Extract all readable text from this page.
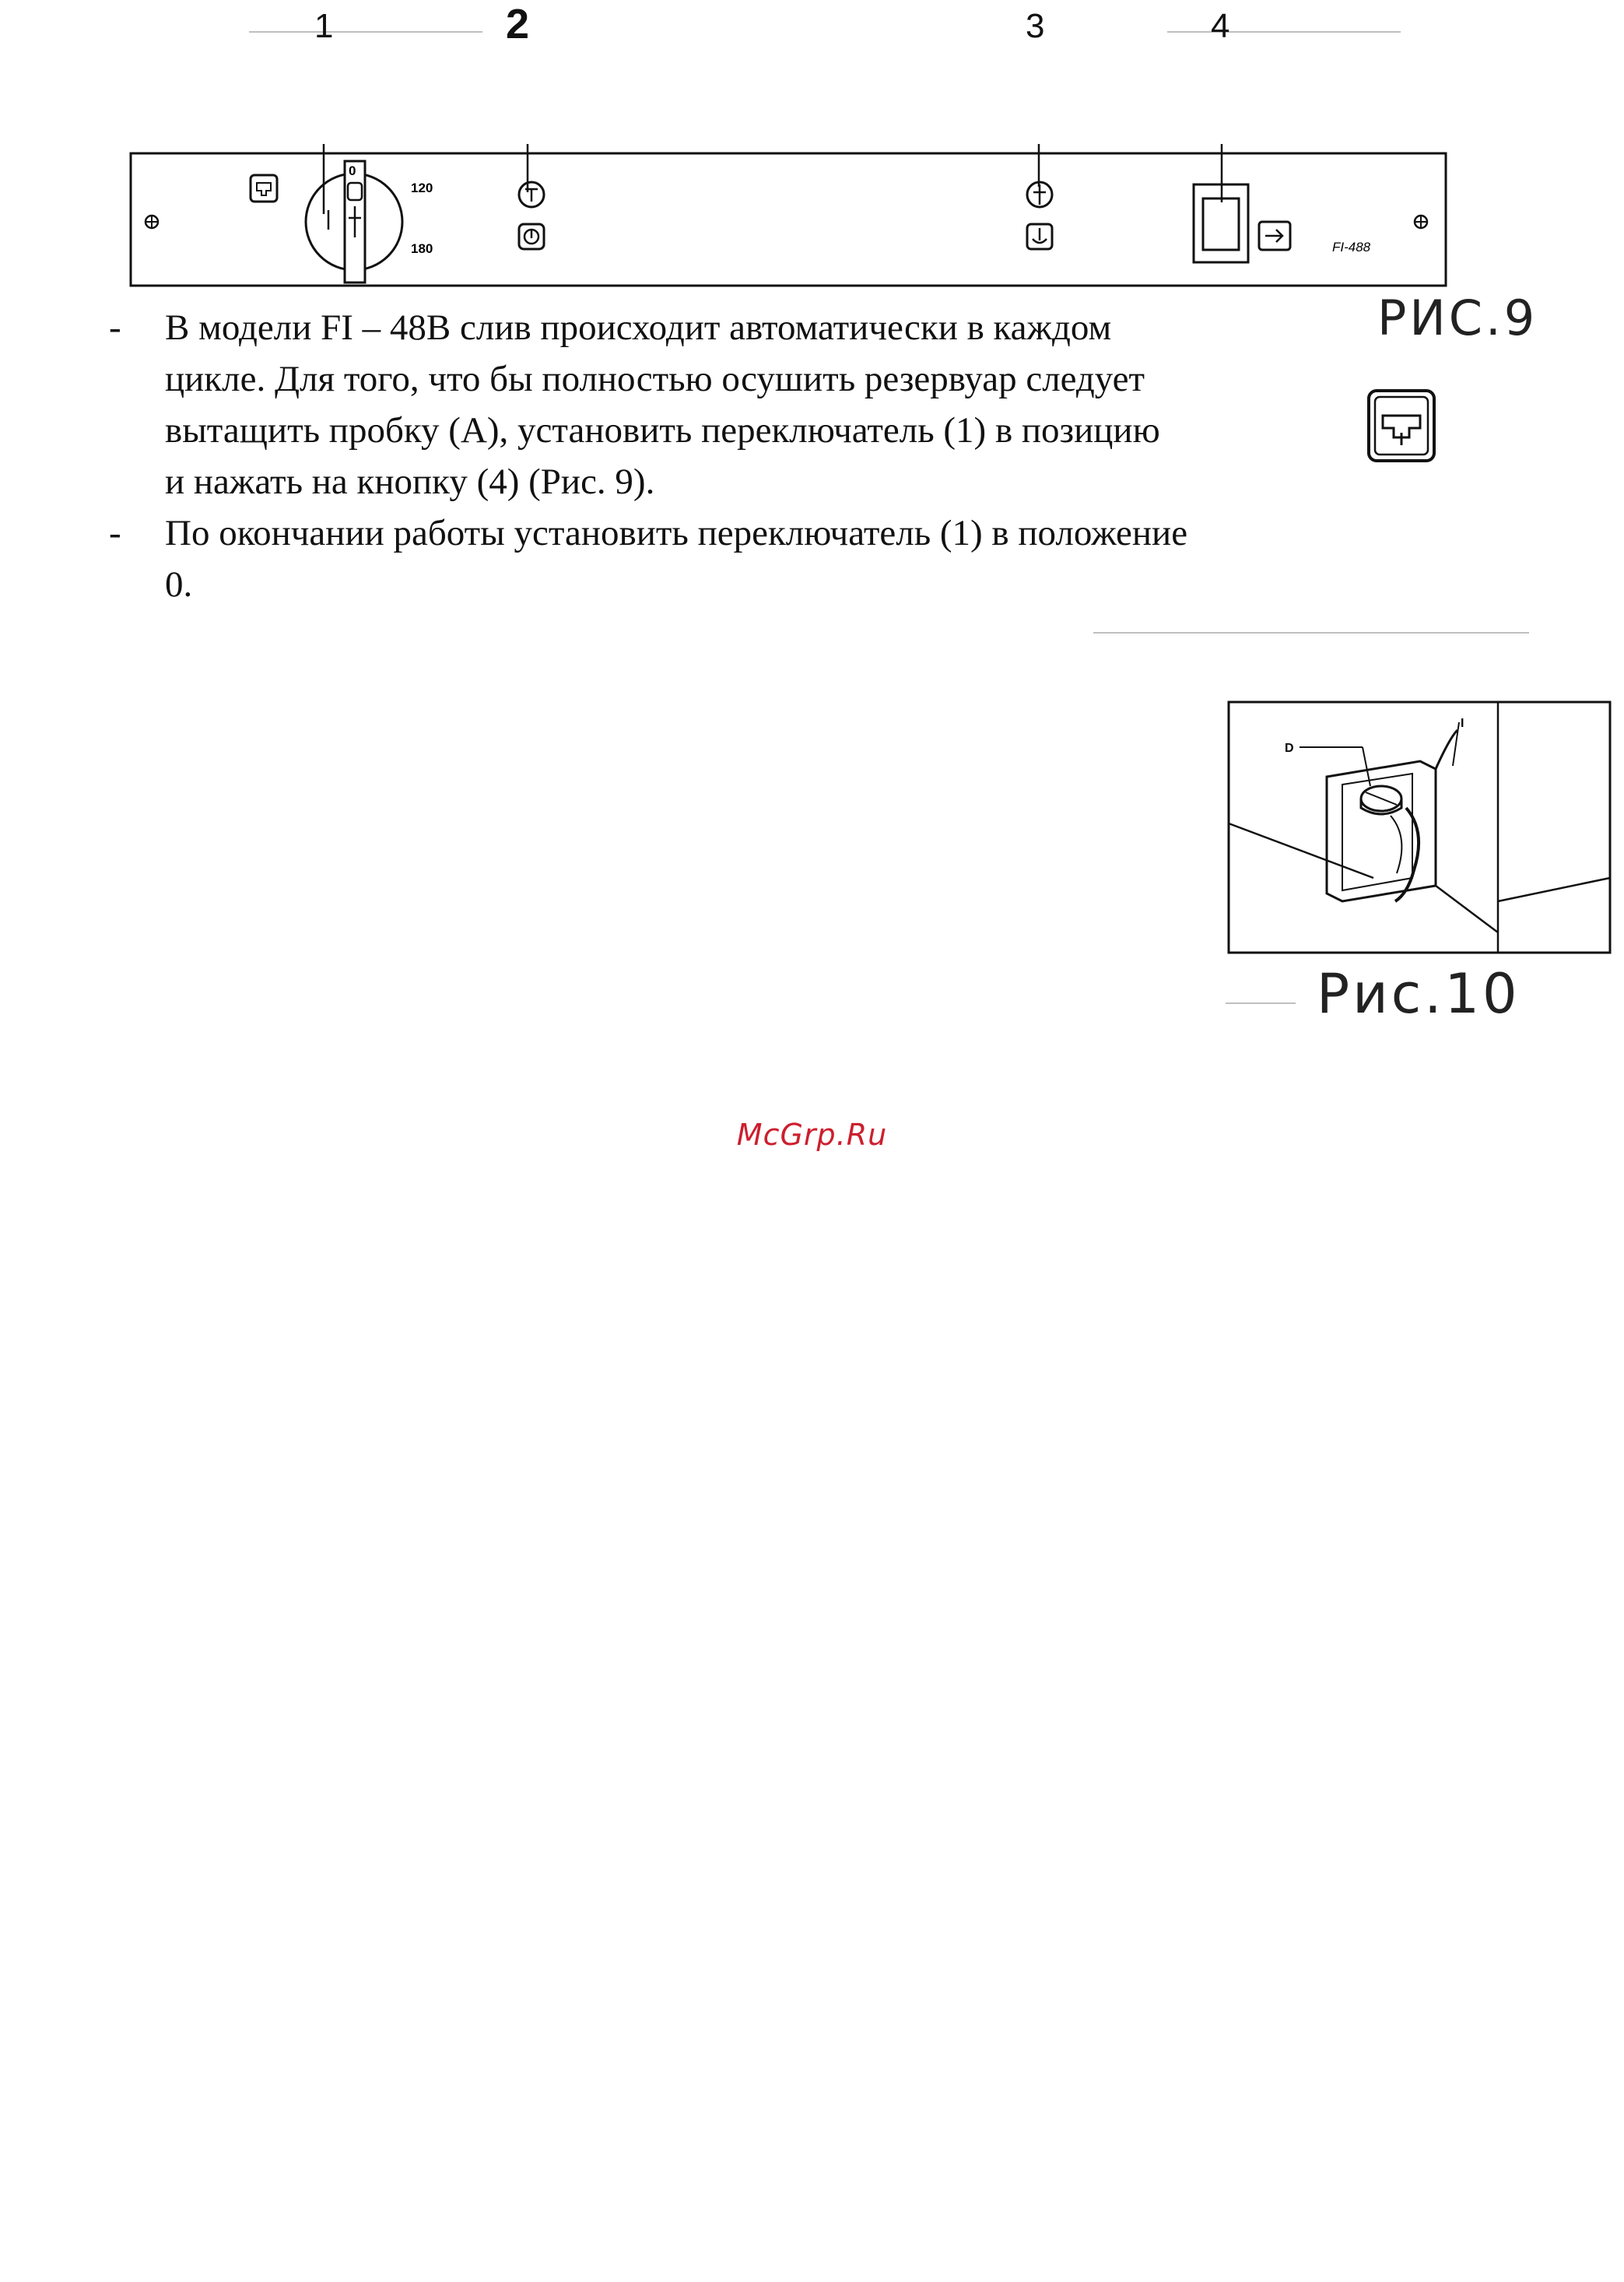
1	2	3	4
0
120
180	FI-488
РИС.9
- В модели FI – 48B слив происходит автоматически в каждом
цикле. Для того, что бы полностью осушить резервуар следует
вытащить пробку (А), установить переключатель (1) в позицию
и нажать на кнопку (4) (Рис. 9).
- По окончании работы установить переключатель (1) в положение
0.
D
I
Рис.10
McGrp.Ru
